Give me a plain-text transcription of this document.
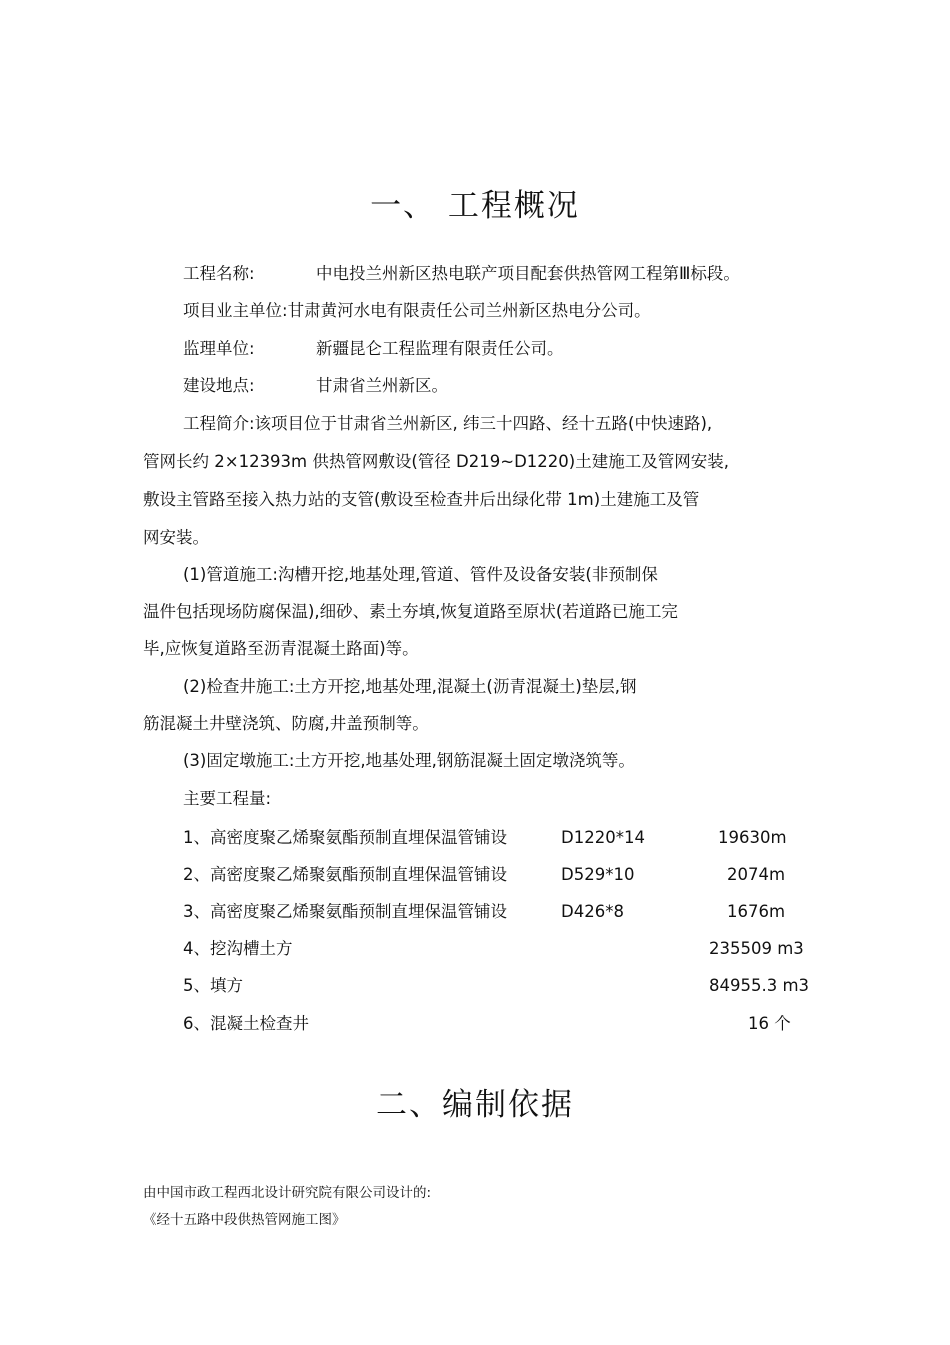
一、 工程概况
工程名称:	中电投兰州新区热电联产项目配套供热管网工程第Ⅲ标段。
项目业主单位:甘肃黄河水电有限责任公司兰州新区热电分公司。
监理单位:	新疆昆仑工程监理有限责任公司。
建设地点:	甘肃省兰州新区。
工程简介:该项目位于甘肃省兰州新区, 纬三十四路、经十五路(中快速路),
管网长约 2×12393m 供热管网敷设(管径 D219~D1220)土建施工及管网安装,
敷设主管路至接入热力站的支管(敷设至检查井后出绿化带 1m)土建施工及管
网安装。
(1)管道施工:沟槽开挖,地基处理,管道、管件及设备安装(非预制保
温件包括现场防腐保温),细砂、素土夯填,恢复道路至原状(若道路已施工完
毕,应恢复道路至沥青混凝土路面)等。
(2)检查井施工:土方开挖,地基处理,混凝土(沥青混凝土)垫层,钢
筋混凝土井壁浇筑、防腐,井盖预制等。
(3)固定墩施工:土方开挖,地基处理,钢筋混凝土固定墩浇筑等。
主要工程量:
1、高密度聚乙烯聚氨酯预制直埋保温管铺设	D1220*14	19630m
2、高密度聚乙烯聚氨酯预制直埋保温管铺设	D529*10	2074m
3、高密度聚乙烯聚氨酯预制直埋保温管铺设	D426*8	1676m
4、挖沟槽土方	235509 m3
5、填方	84955.3 m3
6、混凝土检查井	16 个
二、编制依据
由中国市政工程西北设计研究院有限公司设计的:
《经十五路中段供热管网施工图》
